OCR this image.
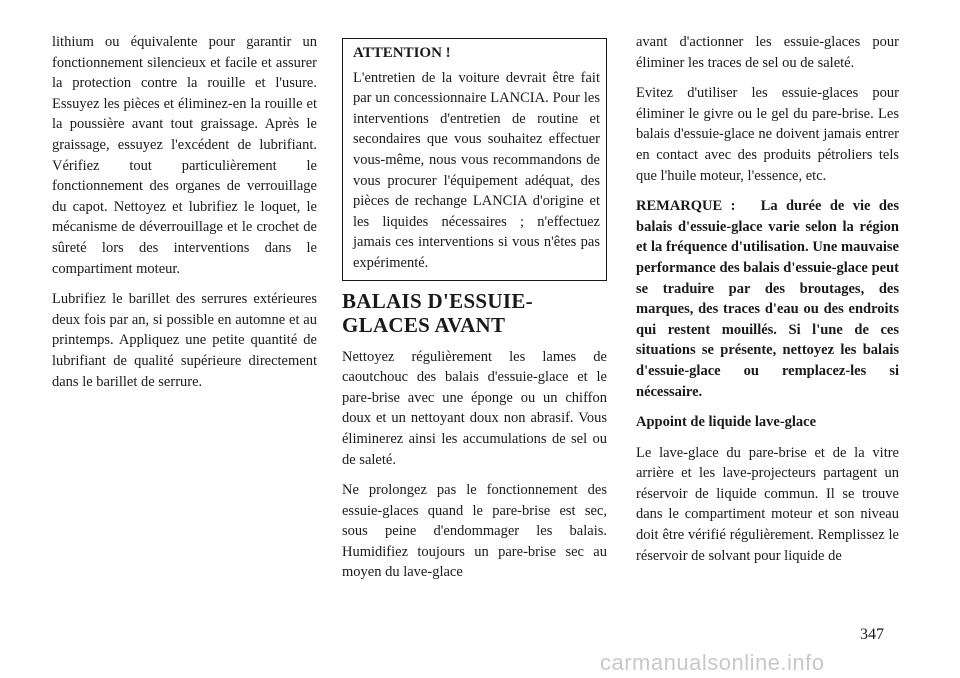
lithium ou équivalente pour garantir un fonctionnement silencieux et facile et assurer la protection contre la rouille et l'usure. Essuyez les pièces et éliminez-en la rouille et la poussière avant tout graissage. Après le graissage, essuyez l'excédent de lubrifiant. Vérifiez tout particulièrement le fonctionnement des organes de verrouillage du capot. Nettoyez et lubrifiez le loquet, le mécanisme de déverrouillage et le crochet de sûreté lors des interventions dans le compartiment moteur.

Lubrifiez le barillet des serrures extérieures deux fois par an, si possible en automne et au printemps. Appliquez une petite quantité de lubrifiant de qualité supérieure directement dans le barillet de serrure.

ATTENTION !

L'entretien de la voiture devrait être fait par un concessionnaire LANCIA. Pour les interventions d'entretien de routine et secondaires que vous souhaitez effectuer vous-même, nous vous recommandons de vous procurer l'équipement adéquat, des pièces de rechange LANCIA d'origine et les liquides nécessaires ; n'effectuez jamais ces interventions si vous n'êtes pas expérimenté.

BALAIS D'ESSUIE-GLACES AVANT

Nettoyez régulièrement les lames de caoutchouc des balais d'essuie-glace et le pare-brise avec une éponge ou un chiffon doux et un nettoyant doux non abrasif. Vous éliminerez ainsi les accumulations de sel ou de saleté.

Ne prolongez pas le fonctionnement des essuie-glaces quand le pare-brise est sec, sous peine d'endommager les balais. Humidifiez toujours un pare-brise sec au moyen du lave-glace

avant d'actionner les essuie-glaces pour éliminer les traces de sel ou de saleté.

Evitez d'utiliser les essuie-glaces pour éliminer le givre ou le gel du pare-brise. Les balais d'essuie-glace ne doivent jamais entrer en contact avec des produits pétroliers tels que l'huile moteur, l'essence, etc.

REMARQUE : La durée de vie des balais d'essuie-glace varie selon la région et la fréquence d'utilisation. Une mauvaise performance des balais d'essuie-glace peut se traduire par des broutages, des marques, des traces d'eau ou des endroits qui restent mouillés. Si l'une de ces situations se présente, nettoyez les balais d'essuie-glace ou remplacez-les si nécessaire.

Appoint de liquide lave-glace

Le lave-glace du pare-brise et de la vitre arrière et les lave-projecteurs partagent un réservoir de liquide commun. Il se trouve dans le compartiment moteur et son niveau doit être vérifié régulièrement. Remplissez le réservoir de solvant pour liquide de

347
carmanualsonline.info
